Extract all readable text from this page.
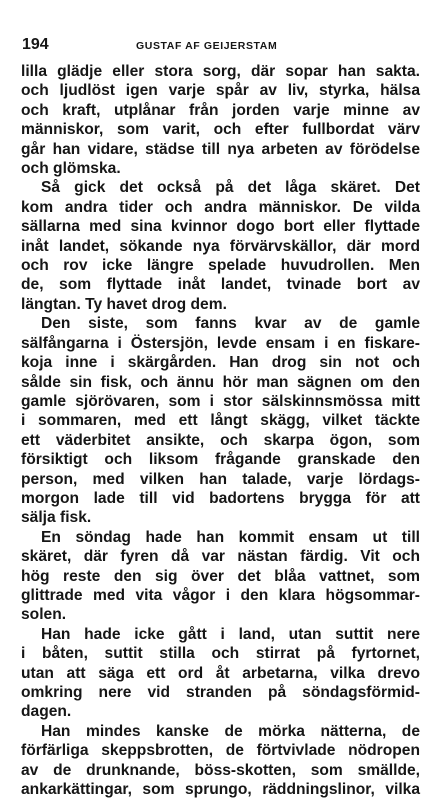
194	GUSTAF AF GEIJERSTAM
lilla glädje eller stora sorg, där sopar han sakta.
och ljudlöst igen varje spår av liv, styrka, hälsa
och kraft, utplånar från jorden varje minne av
människor, som varit, och efter fullbordat värv
går han vidare, städse till nya arbeten av förödelse
och glömska.
Så gick det också på det låga skäret. Det
kom andra tider och andra människor. De vilda
sällarna med sina kvinnor dogo bort eller flyttade
inåt landet, sökande nya förvärvskällor, där mord
och rov icke längre spelade huvudrollen. Men
de, som flyttade inåt landet, tvinade bort av
längtan. Ty havet drog dem.
Den siste, som fanns kvar av de gamle
sälfångarna i Östersjön, levde ensam i en fiskare-
koja inne i skärgården. Han drog sin not och
sålde sin fisk, och ännu hör man sägnen om den
gamle sjörövaren, som i stor sälskinnsmössa mitt
i sommaren, med ett långt skägg, vilket täckte
ett väderbitet ansikte, och skarpa ögon, som
försiktigt och liksom frågande granskade den
person, med vilken han talade, varje lördags-
morgon lade till vid badortens brygga för att
sälja fisk.
En söndag hade han kommit ensam ut till
skäret, där fyren då var nästan färdig. Vit och
hög reste den sig över det blåa vattnet, som
glittrade med vita vågor i den klara högsommar-
solen.
Han hade icke gått i land, utan suttit nere
i båten, suttit stilla och stirrat på fyrtornet,
utan att säga ett ord åt arbetarna, vilka drevo
omkring nere vid stranden på söndagsförmid-
dagen.
Han mindes kanske de mörka nätterna, de
förfärliga skeppsbrotten, de förtvivlade nödropen
av de drunknande, böss-skotten, som smällde,
ankarkättingar, som sprungo, räddningslinor, vilka
